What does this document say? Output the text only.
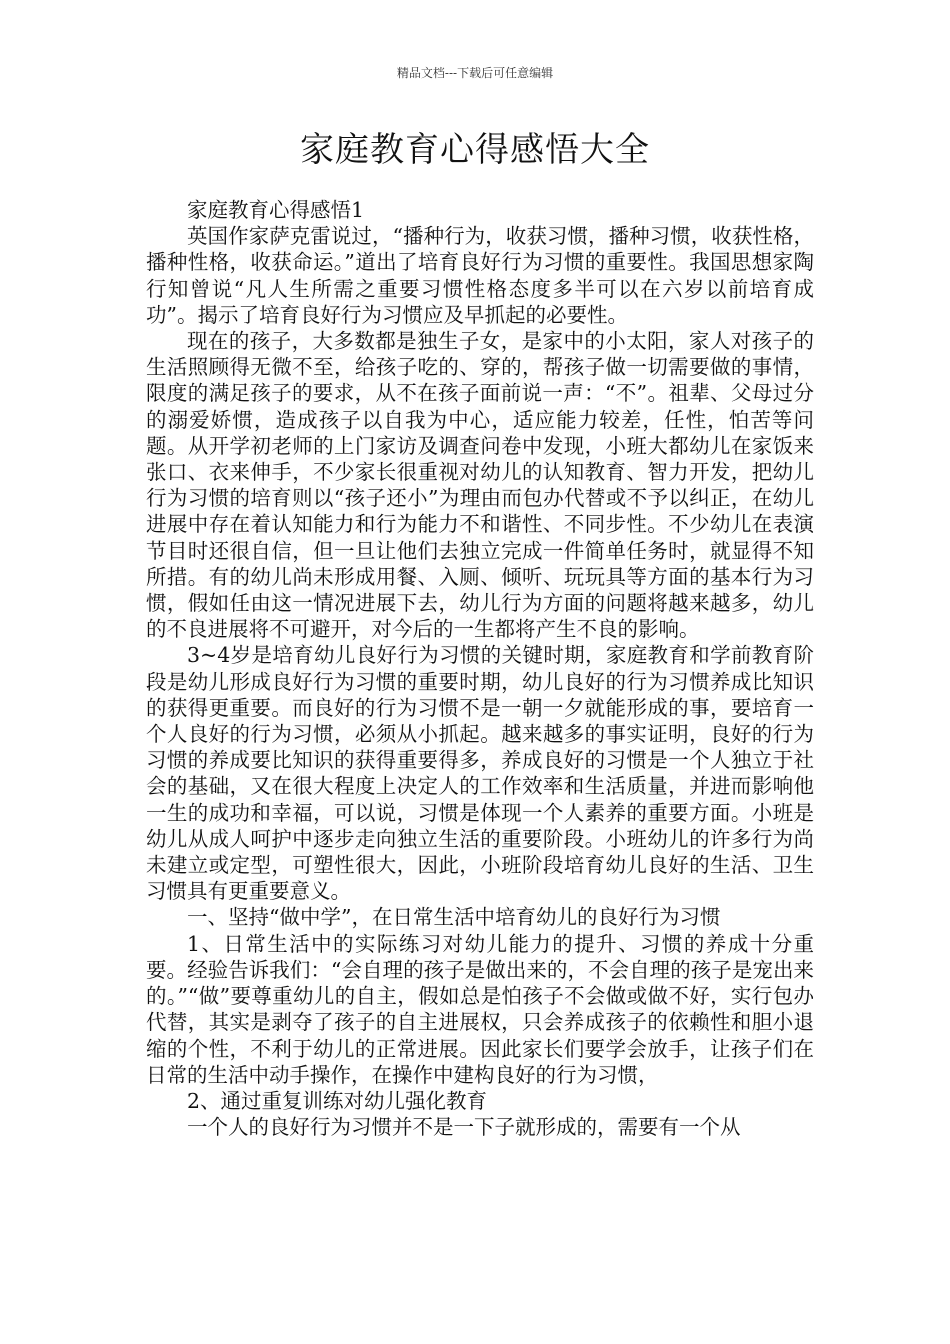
精品文档---下载后可任意编辑
家庭教育心得感悟大全

家庭教育心得感悟1

英国作家萨克雷说过，“播种行为，收获习惯，播种习惯，收获性格，播种性格，收获命运。”道出了培育良好行为习惯的重要性。我国思想家陶行知曾说“凡人生所需之重要习惯性格态度多半可以在六岁以前培育成功”。揭示了培育良好行为习惯应及早抓起的必要性。

现在的孩子，大多数都是独生子女，是家中的小太阳，家人对孩子的生活照顾得无微不至，给孩子吃的、穿的，帮孩子做一切需要做的事情，限度的满足孩子的要求，从不在孩子面前说一声：“不”。祖辈、父母过分的溺爱娇惯，造成孩子以自我为中心，适应能力较差，任性，怕苦等问题。从开学初老师的上门家访及调查问卷中发现，小班大都幼儿在家饭来张口、衣来伸手，不少家长很重视对幼儿的认知教育、智力开发，把幼儿行为习惯的培育则以“孩子还小”为理由而包办代替或不予以纠正，在幼儿进展中存在着认知能力和行为能力不和谐性、不同步性。不少幼儿在表演节目时还很自信，但一旦让他们去独立完成一件简单任务时，就显得不知所措。有的幼儿尚未形成用餐、入厕、倾听、玩玩具等方面的基本行为习惯，假如任由这一情况进展下去，幼儿行为方面的问题将越来越多，幼儿的不良进展将不可避开，对今后的一生都将产生不良的影响。

3~4岁是培育幼儿良好行为习惯的关键时期，家庭教育和学前教育阶段是幼儿形成良好行为习惯的重要时期，幼儿良好的行为习惯养成比知识的获得更重要。而良好的行为习惯不是一朝一夕就能形成的事，要培育一个人良好的行为习惯，必须从小抓起。越来越多的事实证明，良好的行为习惯的养成要比知识的获得重要得多，养成良好的习惯是一个人独立于社会的基础，又在很大程度上决定人的工作效率和生活质量，并进而影响他一生的成功和幸福，可以说，习惯是体现一个人素养的重要方面。小班是幼儿从成人呵护中逐步走向独立生活的重要阶段。小班幼儿的许多行为尚未建立或定型，可塑性很大，因此，小班阶段培育幼儿良好的生活、卫生习惯具有更重要意义。

一、坚持“做中学”，在日常生活中培育幼儿的良好行为习惯

1、日常生活中的实际练习对幼儿能力的提升、习惯的养成十分重要。经验告诉我们：“会自理的孩子是做出来的，不会自理的孩子是宠出来的。”“做”要尊重幼儿的自主，假如总是怕孩子不会做或做不好，实行包办代替，其实是剥夺了孩子的自主进展权，只会养成孩子的依赖性和胆小退缩的个性，不利于幼儿的正常进展。因此家长们要学会放手，让孩子们在日常的生活中动手操作，在操作中建构良好的行为习惯，

2、通过重复训练对幼儿强化教育

一个人的良好行为习惯并不是一下子就形成的，需要有一个从
